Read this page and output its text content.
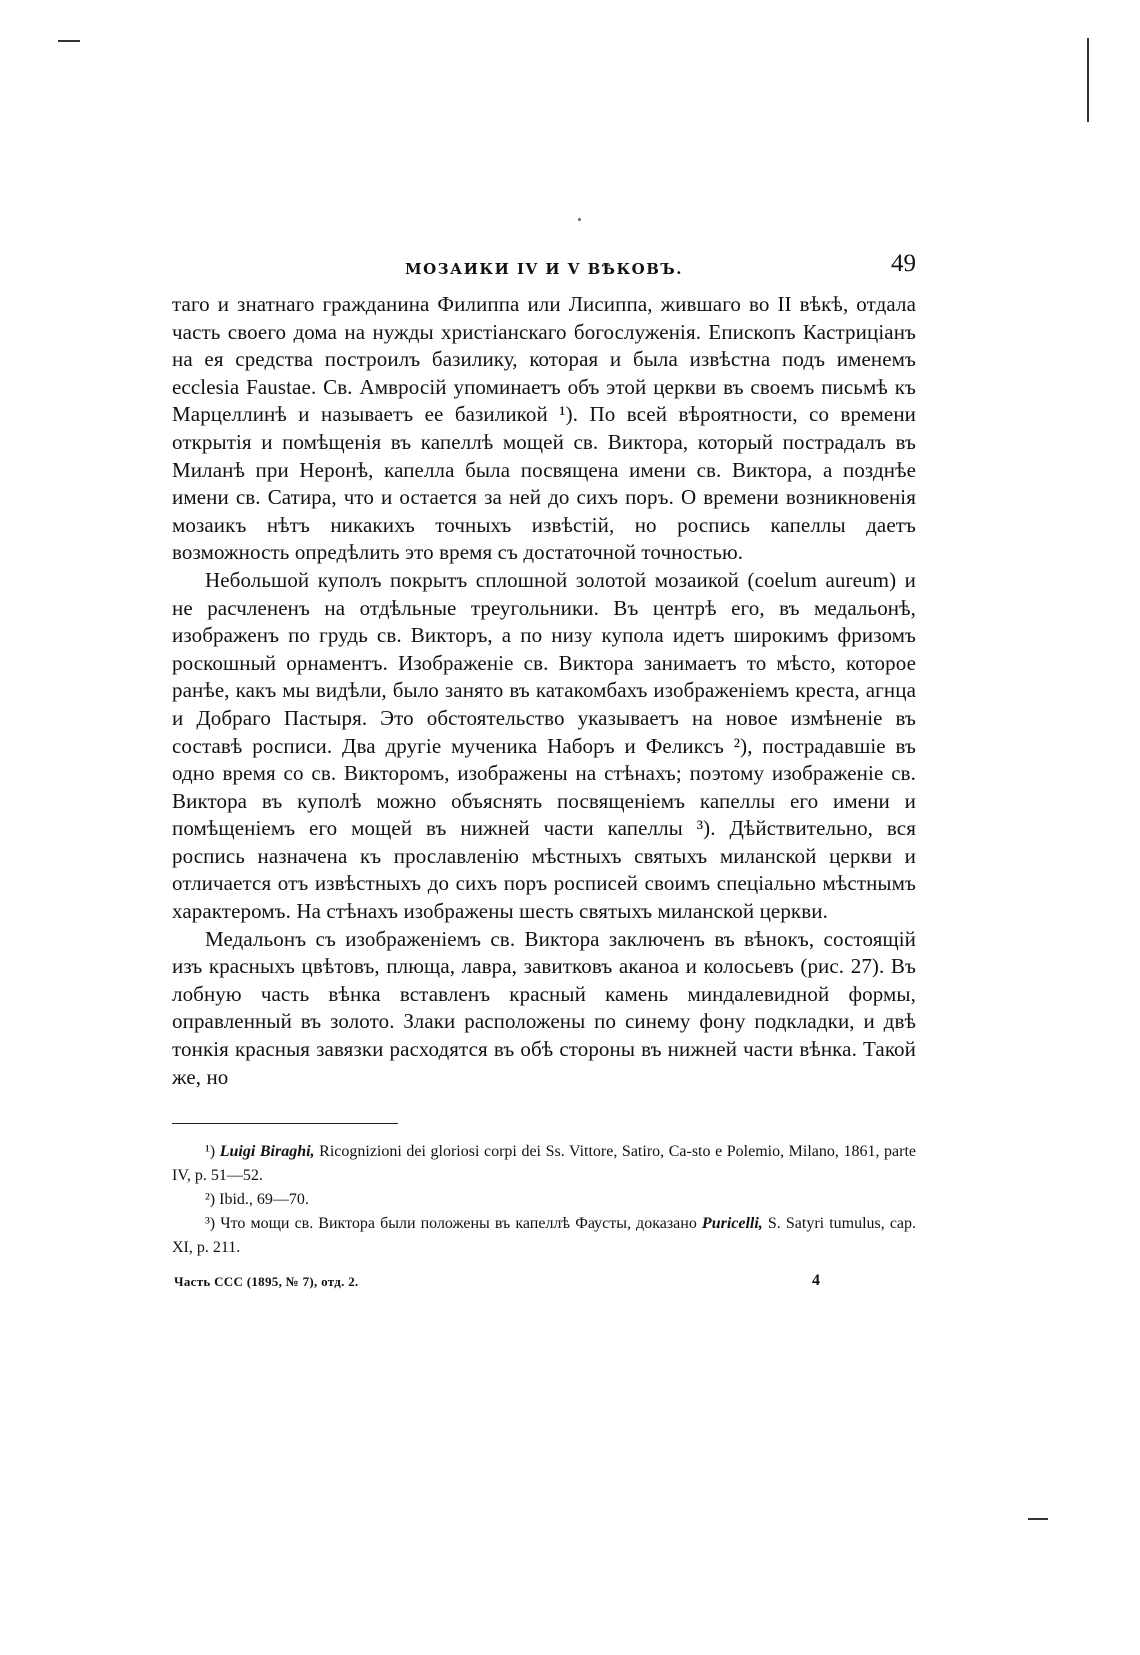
МОЗАИКИ IV И V ВѢКОВЪ.	49

таго и знатнаго гражданина Филиппа или Лисиппа, жившаго во II вѣкѣ, отдала часть своего дома на нужды христіанскаго богослуженія. Епископъ Кастриціанъ на ея средства построилъ базилику, которая и была извѣстна подъ именемъ ecclesia Faustae. Св. Амвросій упоминаетъ объ этой церкви въ своемъ письмѣ къ Марцеллинѣ и называетъ ее базиликой ¹). По всей вѣроятности, со времени открытія и помѣщенія въ капеллѣ мощей св. Виктора, который пострадалъ въ Миланѣ при Неронѣ, капелла была посвящена имени св. Виктора, а позднѣе имени св. Сатира, что и остается за ней до сихъ поръ. О времени возникновенія мозаикъ нѣтъ никакихъ точныхъ извѣстій, но роспись капеллы даетъ возможность опредѣлить это время съ достаточной точностью.

Небольшой куполъ покрытъ сплошной золотой мозаикой (coelum aureum) и не расчлененъ на отдѣльные треугольники. Въ центрѣ его, въ медальонѣ, изображенъ по грудь св. Викторъ, а по низу купола идетъ широкимъ фризомъ роскошный орнаментъ. Изображеніе св. Виктора занимаетъ то мѣсто, которое ранѣе, какъ мы видѣли, было занято въ катакомбахъ изображеніемъ креста, агнца и Добраго Пастыря. Это обстоятельство указываетъ на новое измѣненіе въ составѣ росписи. Два другіе мученика Наборъ и Феликсъ ²), пострадавшіе въ одно время со св. Викторомъ, изображены на стѣнахъ; поэтому изображеніе св. Виктора въ куполѣ можно объяснять посвященіемъ капеллы его имени и помѣщеніемъ его мощей въ нижней части капеллы ³). Дѣйствительно, вся роспись назначена къ прославленію мѣстныхъ святыхъ миланской церкви и отличается отъ извѣстныхъ до сихъ поръ росписей своимъ спеціально мѣстнымъ характеромъ. На стѣнахъ изображены шесть святыхъ миланской церкви.

Медальонъ съ изображеніемъ св. Виктора заключенъ въ вѣнокъ, состоящій изъ красныхъ цвѣтовъ, плюща, лавра, завитковъ аканоа и колосьевъ (рис. 27). Въ лобную часть вѣнка вставленъ красный камень миндалевидной формы, оправленный въ золото. Злаки расположены по синему фону подкладки, и двѣ тонкія красныя завязки расходятся въ обѣ стороны въ нижней части вѣнка. Такой же, но

¹) Luigi Biraghi, Ricognizioni dei gloriosi corpi dei Ss. Vittore, Satiro, Ca-sto e Polemio, Milano, 1861, parte IV, p. 51—52.

²) Ibid., 69—70.

³) Что мощи св. Виктора были положены въ капеллѣ Фаусты, доказано Puricelli, S. Satyri tumulus, cap. XI, p. 211.

Часть CCC (1895, № 7), отд. 2.	4
